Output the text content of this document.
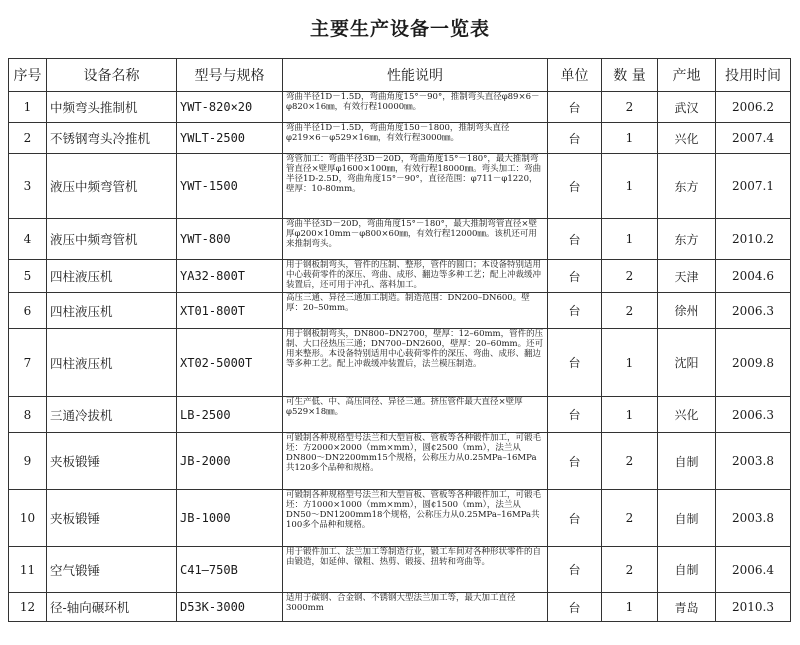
主要生产设备一览表
序号	设备名称	型号与规格	性能说明	单位	数 量	产地	投用时间
1	中频弯头推制机	YWT-820×20	弯曲半径1D－1.5D，弯曲角度15°－90°，推制弯头直径φ89×6－φ820×16㎜，有效行程10000㎜。	台	2	武汉	2006.2
2	不锈钢弯头冷推机	YWLT-2500	弯曲半径1D－1.5D，弯曲角度150－1800，推制弯头直径φ219×6－φ529×16㎜，有效行程3000㎜。	台	1	兴化	2007.4
3	液压中频弯管机	YWT-1500	弯管加工：弯曲半径3D－20D，弯曲角度15°－180°，最大推制弯管直径×壁厚φ1600×100㎜，有效行程18000㎜。弯头加工：弯曲半径1D-2.5D，弯曲角度15°－90°，直径范围：φ711－φ1220，壁厚：10-80mm。	台	1	东方	2007.1
4	液压中频弯管机	YWT-800	弯曲半径3D－20D，弯曲角度15°－180°，最大推制弯管直径×壁厚φ200×10mm－φ800×60㎜，有效行程12000㎜。该机还可用来推制弯头。	台	1	东方	2010.2
5	四柱液压机	YA32-800T	用于钢板制弯头，管件的压制、整形，管件的圆口；本设备特别适用中心载荷零件的深压、弯曲、成形、翻边等多种工艺；配上冲裁缓冲装置后，还可用于冲孔、落料加工。	台	2	天津	2004.6
6	四柱液压机	XT01-800T	高压三通、异径三通加工制造。制造范围：DN200–DN600。壁厚：20–50mm。	台	2	徐州	2006.3
7	四柱液压机	XT02-5000T	用于钢板制弯头，DN800–DN2700，壁厚：12–60mm，管件的压制、大口径热压三通；DN700–DN2600，壁厚：20–60mm。还可用来整形。本设备特别适用中心载荷零件的深压、弯曲、成形、翻边等多种工艺。配上冲裁缓冲装置后，法兰模压制造。	台	1	沈阳	2009.8
8	三通冷拔机	LB-2500	可生产低、中、高压同径、异径三通。挤压管件最大直径×壁厚φ529×18㎜。	台	1	兴化	2006.3
9	夹板锻锤	JB-2000	可锻制各种规格型号法兰和大型盲板、管板等各种锻件加工，可锻毛坯：方2000×2000（mm×mm），圆¢2500（mm），法兰从DN800～DN2200mm15个规格，公称压力从0.25MPa–16MPa共120多个品种和规格。	台	2	自制	2003.8
10	夹板锻锤	JB-1000	可锻制各种规格型号法兰和大型盲板、管板等各种锻件加工，可锻毛坯：方1000×1000（mm×mm），圆¢1500（mm），法兰从DN50～DN1200mm18个规格，公称压力从0.25MPa–16MPa共100多个品种和规格。	台	2	自制	2003.8
11	空气锻锤	C41—750B	用于锻件加工、法兰加工等制造行业，锻工车间对各种形状零件的自由锻造，如延伸、镦粗、热剪、锻接、扭转和弯曲等。	台	2	自制	2006.4
12	径-轴向碾环机	D53K-3000	适用于碳钢、合金钢、不锈钢大型法兰加工等，最大加工直径3000mm	台	1	青岛	2010.3
